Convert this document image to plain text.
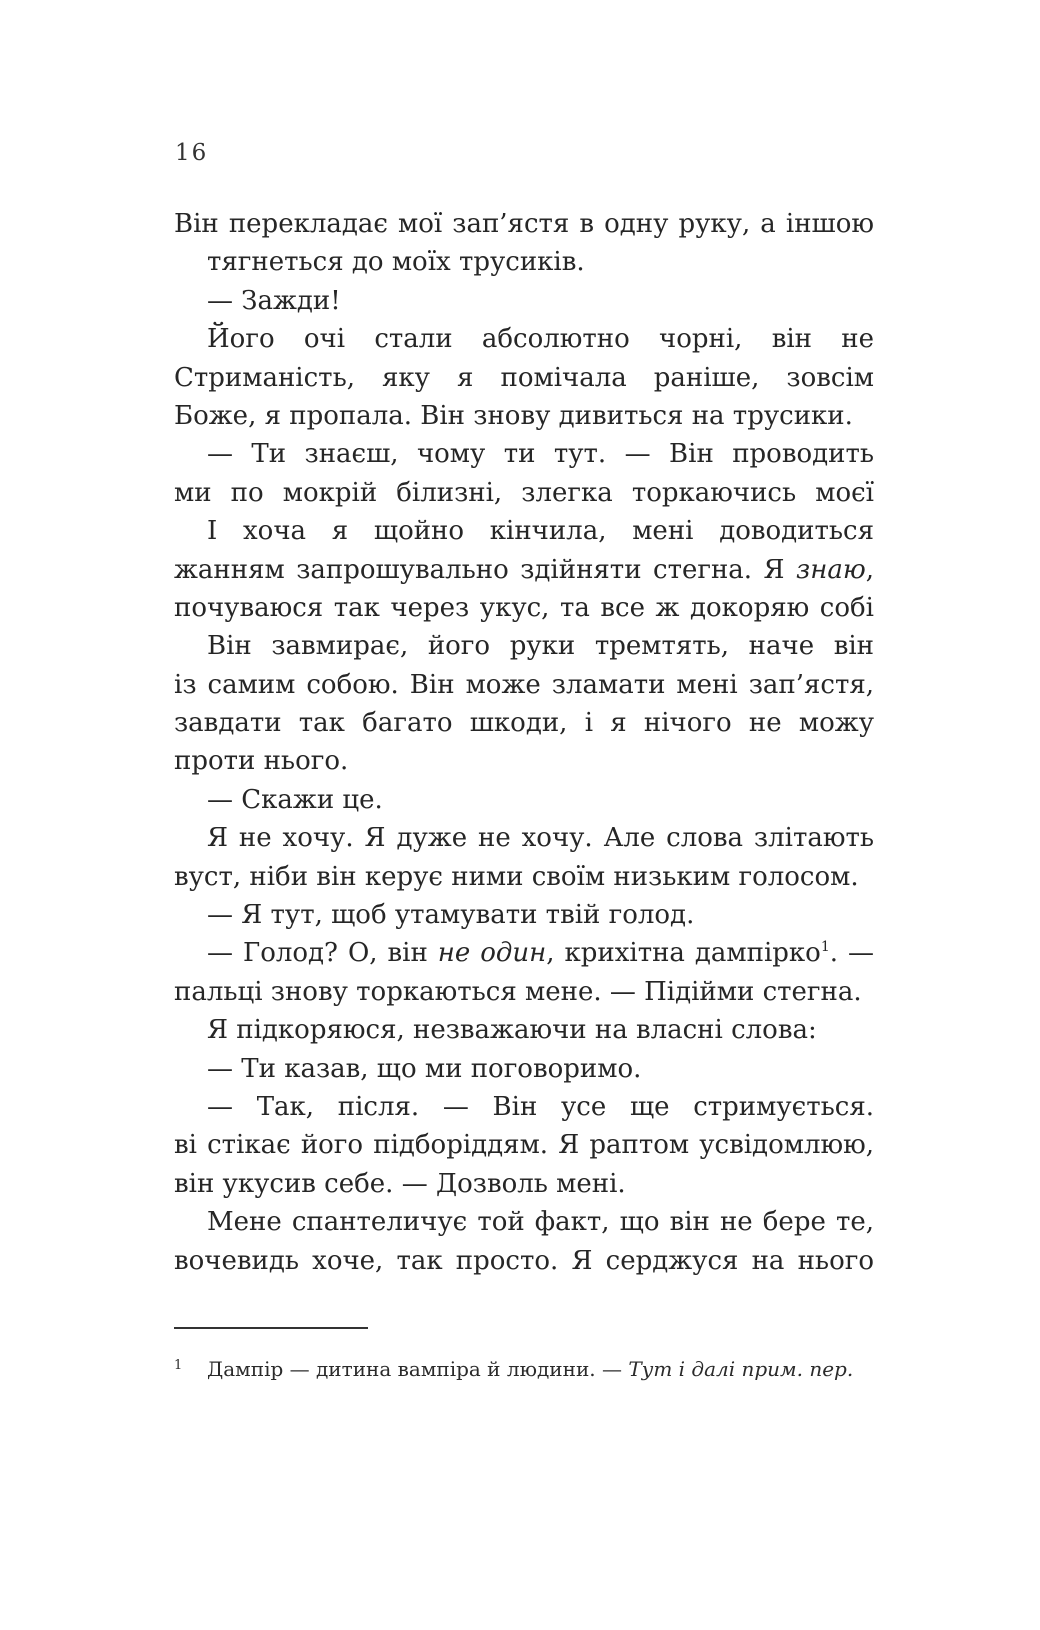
16
Він перекладає мої зап’ястя в одну руку, а іншою
тягнеться до моїх трусиків.
— Зажди!
Його очі стали абсолютно чорні, він не
Стриманість, яку я помічала раніше, зовсім
Боже, я пропала. Він знову дивиться на трусики.
— Ти знаєш, чому ти тут. — Він проводить
ми по мокрій білизні, злегка торкаючись моєї
І хоча я щойно кінчила, мені доводиться
жанням запрошувально здійняти стегна. Я знаю,
почуваюся так через укус, та все ж докоряю собі
Він завмирає, його руки тремтять, наче він
із самим собою. Він може зламати мені зап’ястя,
завдати так багато шкоди, і я нічого не можу
проти нього.
— Скажи це.
Я не хочу. Я дуже не хочу. Але слова злітають
вуст, ніби він керує ними своїм низьким голосом.
— Я тут, щоб утамувати твій голод.
— Голод? О, він не один, крихітна дампірко$^1$. —
пальці знову торкаються мене. — Підійми стегна.
Я підкоряюся, незважаючи на власні слова:
— Ти казав, що ми поговоримо.
— Так, після. — Він усе ще стримується.
ві стікає його підборіддям. Я раптом усвідомлюю,
він укусив себе. — Дозволь мені.
Мене спантеличує той факт, що він не бере те,
вочевидь хоче, так просто. Я серджуся на нього
1 Дампір — дитина вампіра й людини. — Тут і далі прим. пер.
